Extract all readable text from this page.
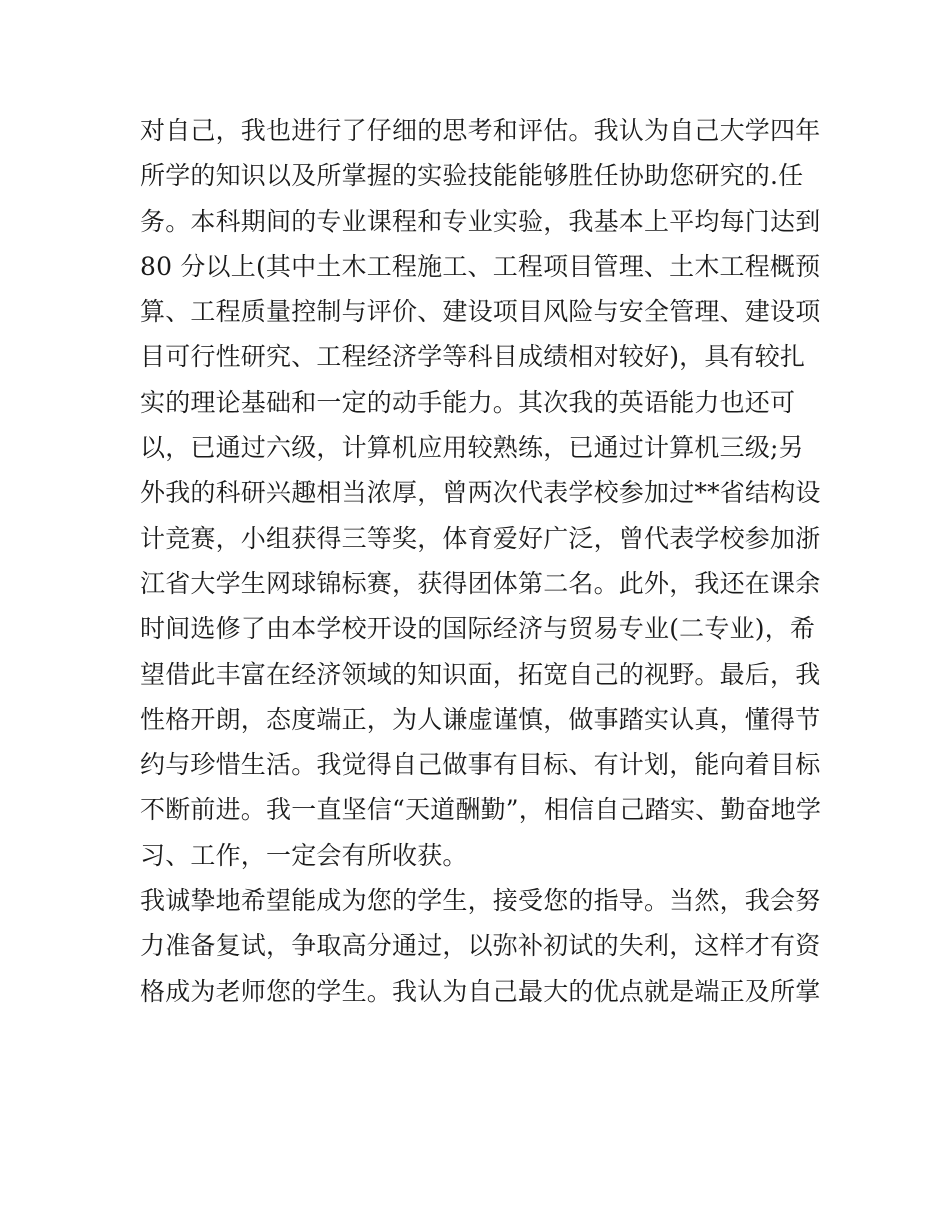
对自己，我也进行了仔细的思考和评估。我认为自己大学四年
所学的知识以及所掌握的实验技能能够胜任协助您研究的.任
务。本科期间的专业课程和专业实验，我基本上平均每门达到
80 分以上(其中土木工程施工、工程项目管理、土木工程概预
算、工程质量控制与评价、建设项目风险与安全管理、建设项
目可行性研究、工程经济学等科目成绩相对较好)，具有较扎
实的理论基础和一定的动手能力。其次我的英语能力也还可
以，已通过六级，计算机应用较熟练，已通过计算机三级;另
外我的科研兴趣相当浓厚，曾两次代表学校参加过**省结构设
计竞赛，小组获得三等奖，体育爱好广泛，曾代表学校参加浙
江省大学生网球锦标赛，获得团体第二名。此外，我还在课余
时间选修了由本学校开设的国际经济与贸易专业(二专业)，希
望借此丰富在经济领域的知识面，拓宽自己的视野。最后，我
性格开朗，态度端正，为人谦虚谨慎，做事踏实认真，懂得节
约与珍惜生活。我觉得自己做事有目标、有计划，能向着目标
不断前进。我一直坚信“天道酬勤”，相信自己踏实、勤奋地学
习、工作，一定会有所收获。
我诚挚地希望能成为您的学生，接受您的指导。当然，我会努
力准备复试，争取高分通过，以弥补初试的失利，这样才有资
格成为老师您的学生。我认为自己最大的优点就是端正及所掌
